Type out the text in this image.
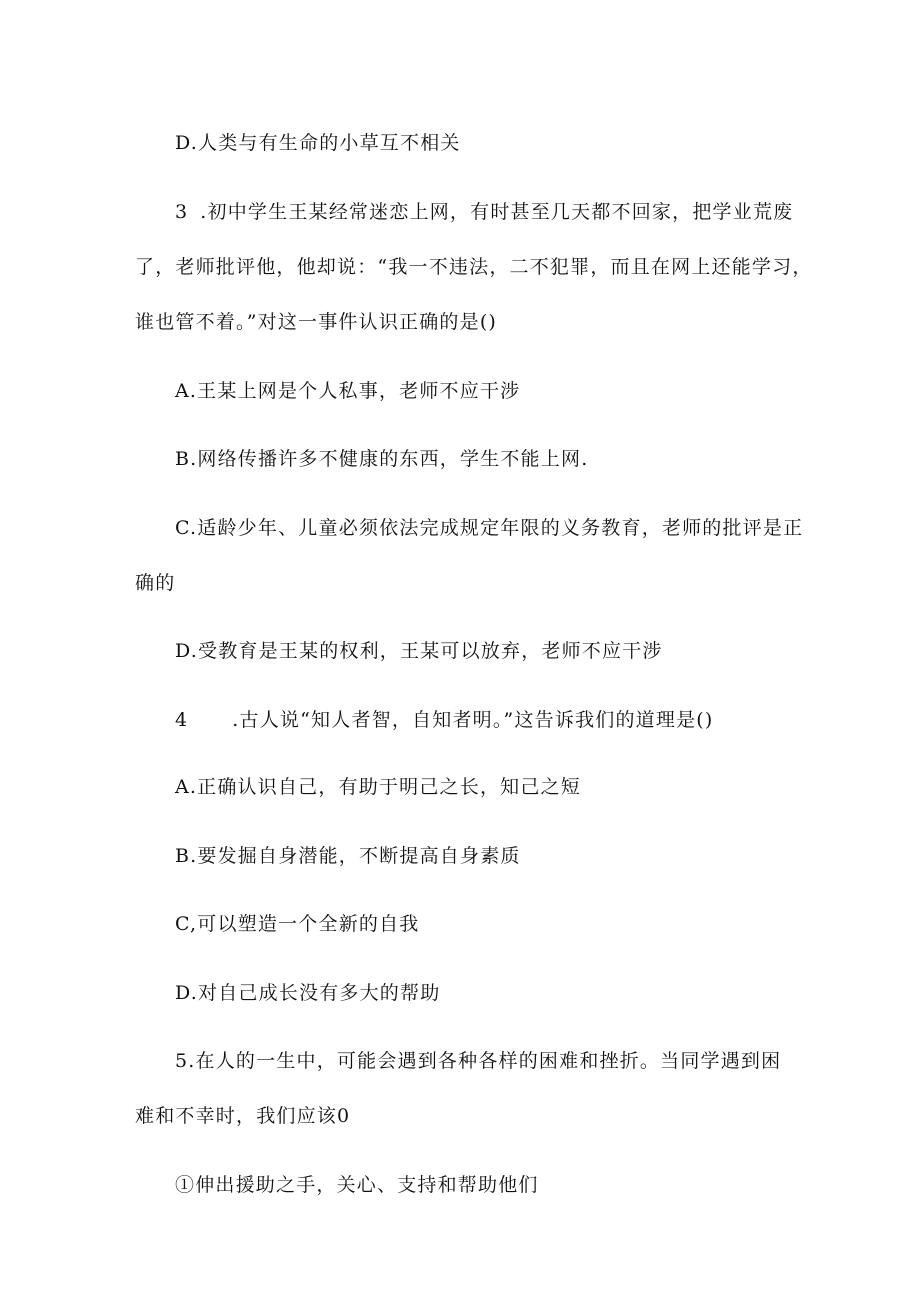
D.人类与有生命的小草互不相关
3 .初中学生王某经常迷恋上网，有时甚至几天都不回家，把学业荒废
了，老师批评他，他却说：“我一不违法，二不犯罪，而且在网上还能学习，
谁也管不着。”对这一事件认识正确的是()
A.王某上网是个人私事，老师不应干涉
B.网络传播许多不健康的东西，学生不能上网.
C.适龄少年、儿童必须依法完成规定年限的义务教育，老师的批评是正
确的
D.受教育是王某的权利，王某可以放弃，老师不应干涉
4 .古人说“知人者智，自知者明。”这告诉我们的道理是()
A.正确认识自己，有助于明己之长，知己之短
B.要发掘自身潜能，不断提高自身素质
C,可以塑造一个全新的自我
D.对自己成长没有多大的帮助
5.在人的一生中，可能会遇到各种各样的困难和挫折。当同学遇到困
难和不幸时，我们应该0
①伸出援助之手，关心、支持和帮助他们
